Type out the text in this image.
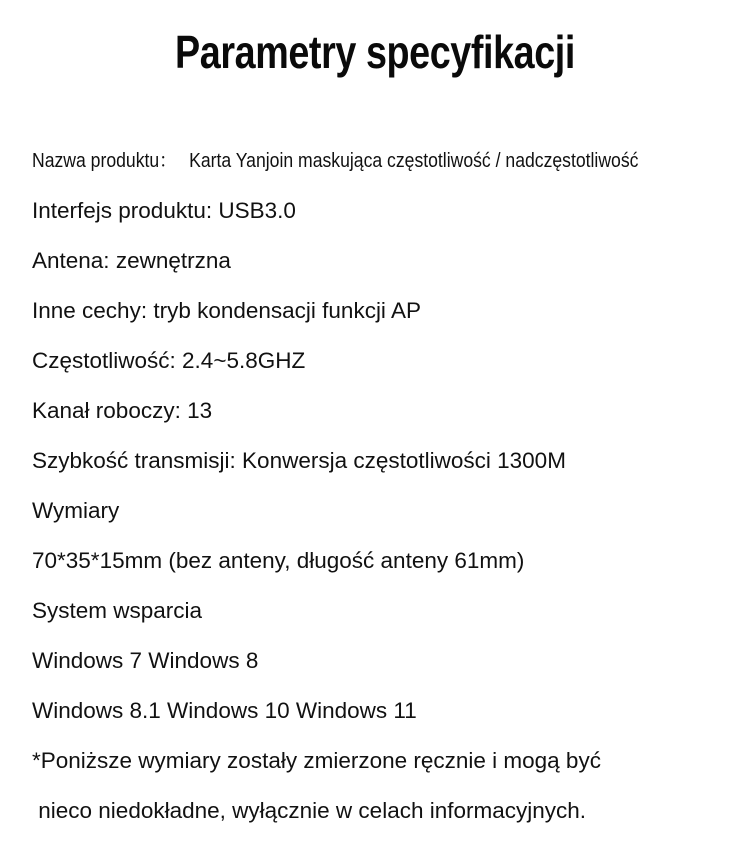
Parametry specyfikacji
Nazwa produktu： Karta Yanjoin maskująca częstotliwość / nadczęstotliwość
Interfejs produktu: USB3.0
Antena: zewnętrzna
Inne cechy: tryb kondensacji funkcji AP
Częstotliwość: 2.4~5.8GHZ
Kanał roboczy: 13
Szybkość transmisji: Konwersja częstotliwości 1300M
Wymiary
70*35*15mm (bez anteny, długość anteny 61mm)
System wsparcia
Windows 7 Windows 8
Windows 8.1 Windows 10 Windows 11
*Poniższe wymiary zostały zmierzone ręcznie i mogą być
nieco niedokładne, wyłącznie w celach informacyjnych.
